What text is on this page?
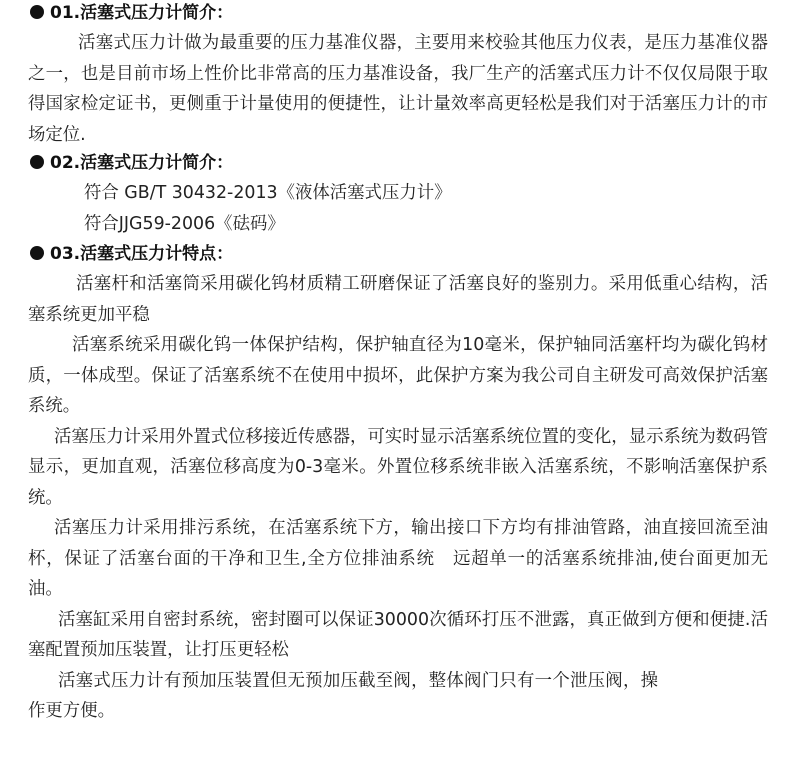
01.活塞式压力计简介：

活塞式压力计做为最重要的压力基准仪器，主要用来校验其他压力仪表，是压力基准仪器之一，也是目前市场上性价比非常高的压力基准设备，我厂生产的活塞式压力计不仅仅局限于取得国家检定证书，更侧重于计量使用的便捷性，让计量效率高更轻松是我们对于活塞压力计的市场定位.

02.活塞式压力计简介：

符合 GB/T 30432-2013《液体活塞式压力计》

符合JJG59-2006《砝码》

03.活塞式压力计特点：

活塞杆和活塞筒采用碳化钨材质精工研磨保证了活塞良好的鉴别力。采用低重心结构，活塞系统更加平稳

活塞系统采用碳化钨一体保护结构，保护轴直径为10毫米，保护轴同活塞杆均为碳化钨材质，一体成型。保证了活塞系统不在使用中损坏，此保护方案为我公司自主研发可高效保护活塞系统。

活塞压力计采用外置式位移接近传感器，可实时显示活塞系统位置的变化，显示系统为数码管显示，更加直观，活塞位移高度为0-3毫米。外置位移系统非嵌入活塞系统，不影响活塞保护系统。

活塞压力计采用排污系统，在活塞系统下方，输出接口下方均有排油管路，油直接回流至油杯，保证了活塞台面的干净和卫生,全方位排油系统　远超单一的活塞系统排油,使台面更加无油。

活塞缸采用自密封系统，密封圈可以保证30000次循环打压不泄露，真正做到方便和便捷.活塞配置预加压装置，让打压更轻松

活塞式压力计有预加压装置但无预加压截至阀，整体阀门只有一个泄压阀，操作更方便。
